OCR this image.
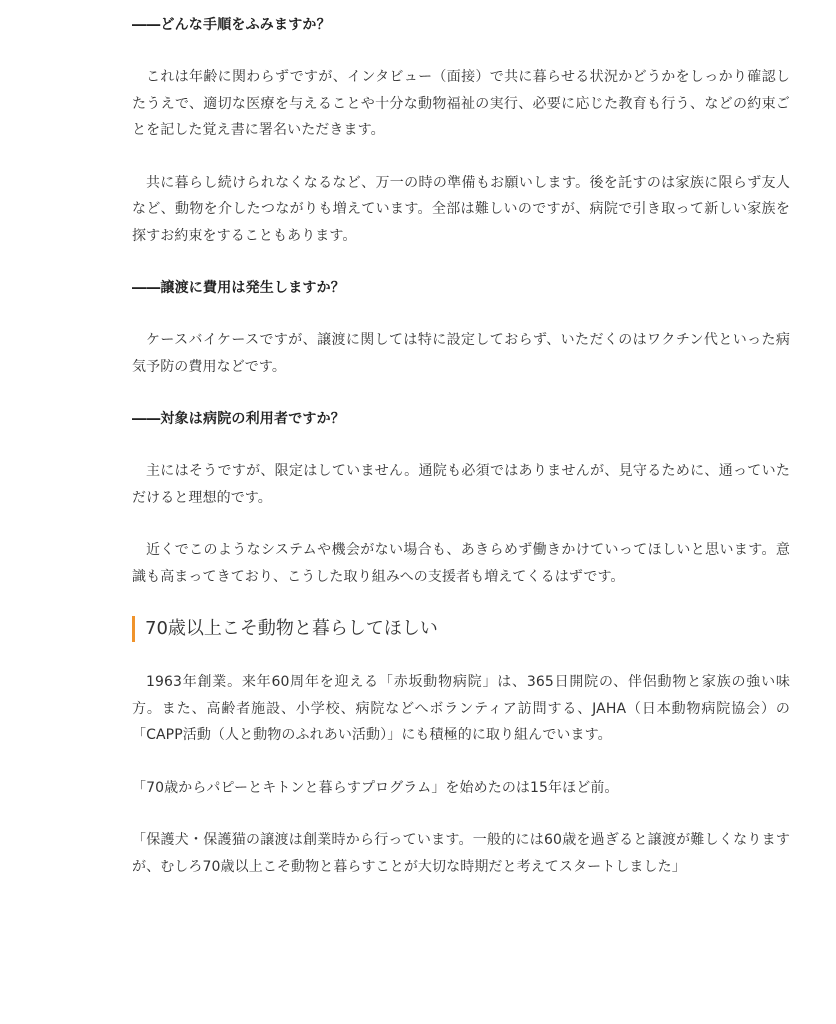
――どんな手順をふみますか？

これは年齢に関わらずですが、インタビュー（面接）で共に暮らせる状況かどうかをしっかり確認したうえで、適切な医療を与えることや十分な動物福祉の実行、必要に応じた教育も行う、などの約束ごとを記した覚え書に署名いただきます。

共に暮らし続けられなくなるなど、万一の時の準備もお願いします。後を託すのは家族に限らず友人など、動物を介したつながりも増えています。全部は難しいのですが、病院で引き取って新しい家族を探すお約束をすることもあります。

――譲渡に費用は発生しますか？

ケースバイケースですが、譲渡に関しては特に設定しておらず、いただくのはワクチン代といった病気予防の費用などです。

――対象は病院の利用者ですか？

主にはそうですが、限定はしていません。通院も必須ではありませんが、見守るために、通っていただけると理想的です。

近くでこのようなシステムや機会がない場合も、あきらめず働きかけていってほしいと思います。意識も高まってきており、こうした取り組みへの支援者も増えてくるはずです。

70歳以上こそ動物と暮らしてほしい

1963年創業。来年60周年を迎える「赤坂動物病院」は、365日開院の、伴侶動物と家族の強い味方。また、高齢者施設、小学校、病院などへボランティア訪問する、JAHA（日本動物病院協会）の「CAPP活動（人と動物のふれあい活動）」にも積極的に取り組んでいます。

「70歳からパピーとキトンと暮らすプログラム」を始めたのは15年ほど前。

「保護犬・保護猫の譲渡は創業時から行っています。一般的には60歳を過ぎると譲渡が難しくなりますが、むしろ70歳以上こそ動物と暮らすことが大切な時期だと考えてスタートしました」
